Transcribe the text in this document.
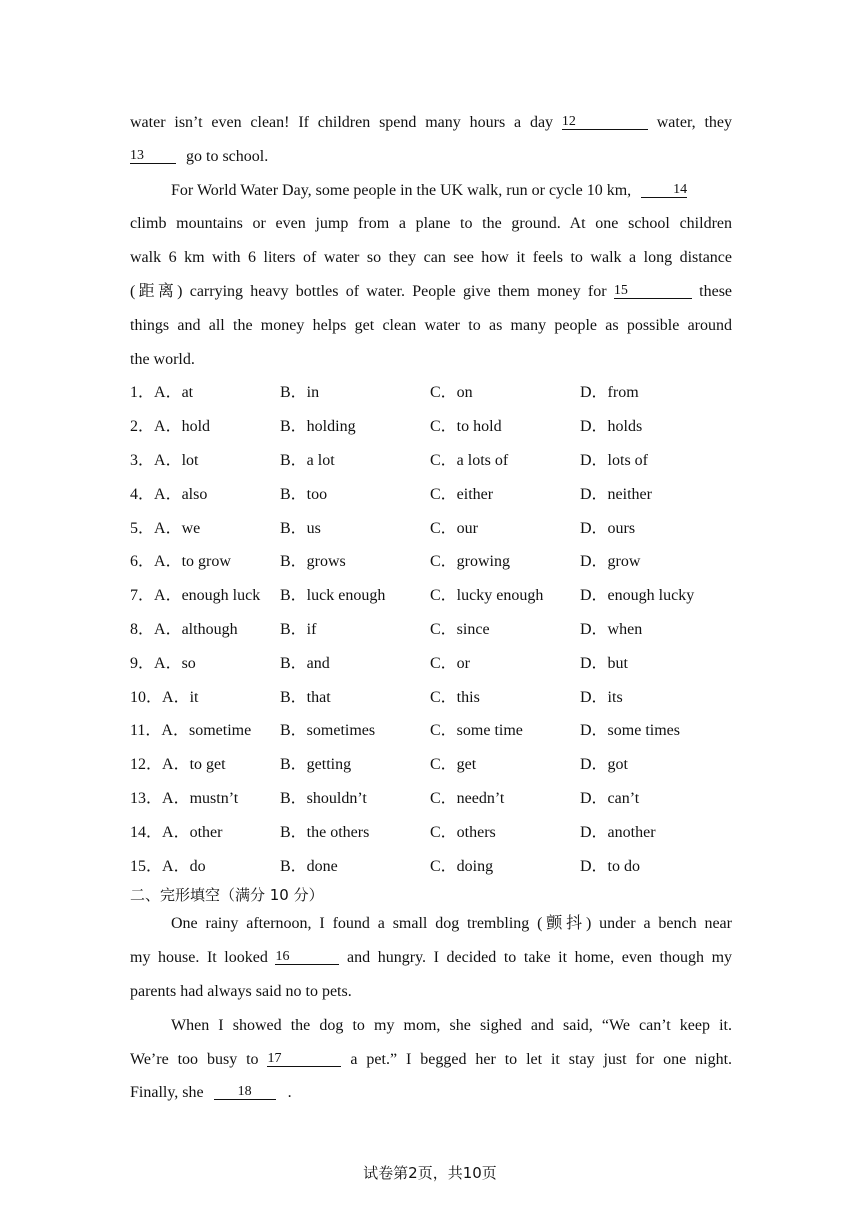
water isn’t even clean! If children spend many hours a day 12	water, they
13	go to school.
For World Water Day, some people in the UK walk, run or cycle 10 km,	14
climb mountains or even jump from a plane to the ground. At one school children
walk 6 km with 6 liters of water so they can see how it feels to walk a long distance
(距离) carrying heavy bottles of water. People give them money for 15	these
things and all the money helps get clean water to as many people as possible around
the world.
1．A．at	B．in	C．on	D．from
2．A．hold	B．holding	C．to hold	D．holds
3．A．lot	B．a lot	C．a lots of	D．lots of
4．A．also	B．too	C．either	D．neither
5．A．we	B．us	C．our	D．ours
6．A．to grow	B．grows	C．growing	D．grow
7．A．enough luck	B．luck enough	C．lucky enough	D．enough lucky
8．A．although	B．if	C．since	D．when
9．A．so	B．and	C．or	D．but
10．A．it	B．that	C．this	D．its
11．A．sometime	B．sometimes	C．some time	D．some times
12．A．to get	B．getting	C．get	D．got
13．A．mustn’t	B．shouldn’t	C．needn’t	D．can’t
14．A．other	B．the others	C．others	D．another
15．A．do	B．done	C．doing	D．to do
二、完形填空（满分 10 分）
One rainy afternoon, I found a small dog trembling (颤抖) under a bench near
my house. It looked 16	and hungry. I decided to take it home, even though my
parents had always said no to pets.
When I showed the dog to my mom, she sighed and said, “We can’t keep it.
We’re too busy to 17	a pet.” I begged her to let it stay just for one night.
Finally, she 18 .
试卷第2页，共10页
